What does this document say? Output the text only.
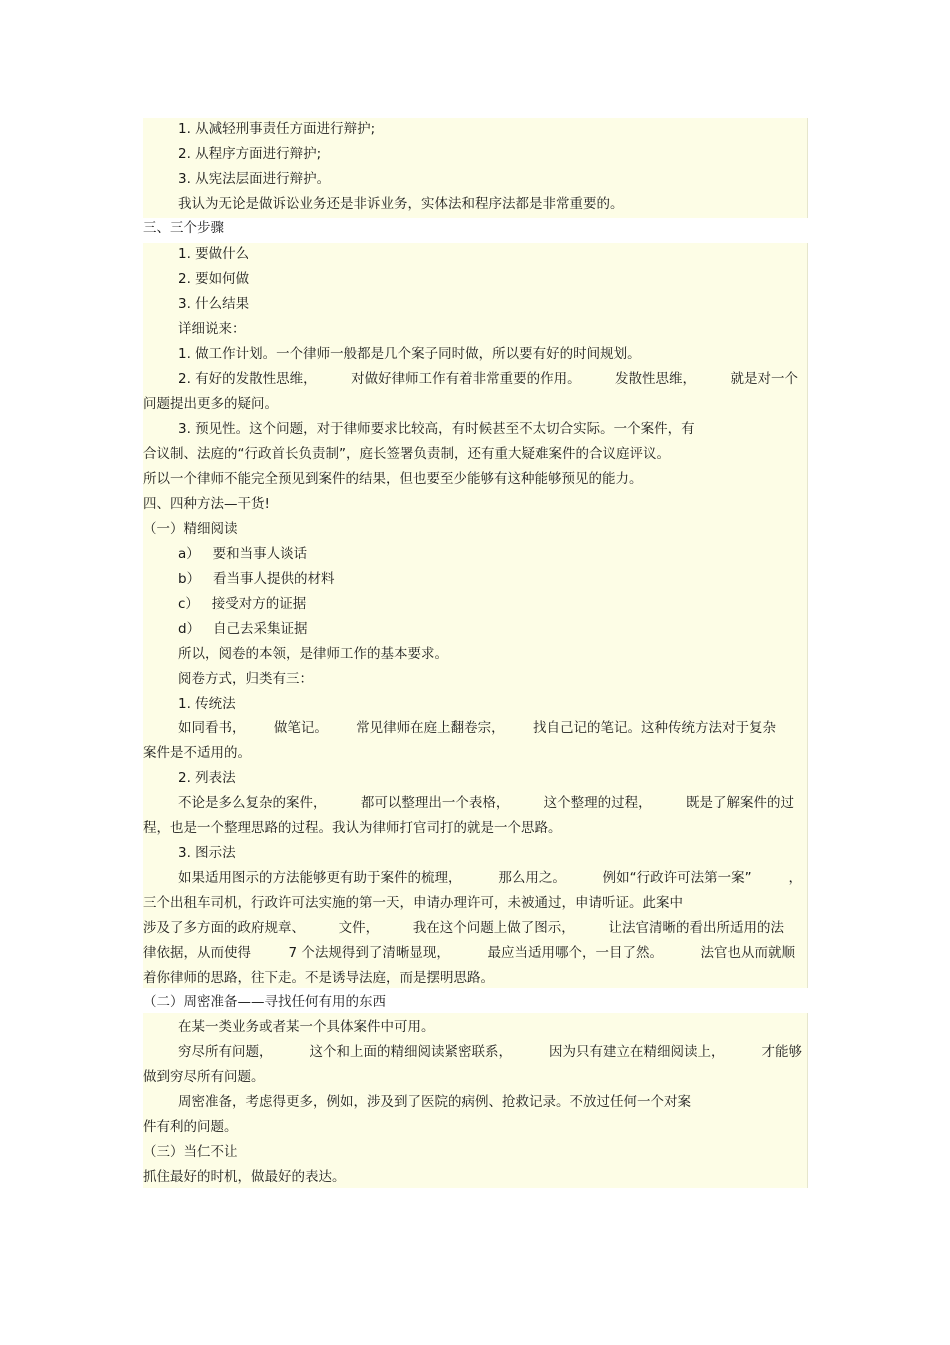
1. 从减轻刑事责任方面进行辩护;
2. 从程序方面进行辩护;
3. 从宪法层面进行辩护。
我认为无论是做诉讼业务还是非诉业务，实体法和程序法都是非常重要的。
三、三个步骤
1. 要做什么
2. 要如何做
3. 什么结果
详细说来：
1. 做工作计划。一个律师一般都是几个案子同时做，所以要有好的时间规划。
2. 有好的发散性思维，	对做好律师工作有着非常重要的作用。	发散性思维，	就是对一个
问题提出更多的疑问。
3. 预见性。这个问题，对于律师要求比较高，有时候甚至不太切合实际。一个案件，有
合议制、法庭的“行政首长负责制”，庭长签署负责制，还有重大疑难案件的合议庭评议。
所以一个律师不能完全预见到案件的结果，但也要至少能够有这种能够预见的能力。
四、四种方法—干货!
（一）精细阅读
a）   要和当事人谈话
b）   看当事人提供的材料
c）   接受对方的证据
d）   自己去采集证据
所以，阅卷的本领，是律师工作的基本要求。
阅卷方式，归类有三：
1. 传统法
如同看书， 做笔记。 常见律师在庭上翻卷宗， 找自己记的笔记。这种传统方法对于复杂
案件是不适用的。
2. 列表法
不论是多么复杂的案件，	都可以整理出一个表格，	这个整理的过程，	既是了解案件的过
程，也是一个整理思路的过程。我认为律师打官司打的就是一个思路。
3. 图示法
如果适用图示的方法能够更有助于案件的梳理，	那么用之。	例如“行政许可法第一案”	，
三个出租车司机，行政许可法实施的第一天，申请办理许可，未被通过，申请听证。此案中
涉及了多方面的政府规章、 文件， 我在这个问题上做了图示， 让法官清晰的看出所适用的法
律依据，从而使得	7 个法规得到了清晰显现，	最应当适用哪个，一目了然。	法官也从而就顺
着你律师的思路，往下走。不是诱导法庭，而是摆明思路。
（二）周密准备——寻找任何有用的东西
在某一类业务或者某一个具体案件中可用。
穷尽所有问题，	这个和上面的精细阅读紧密联系，	因为只有建立在精细阅读上，	才能够
做到穷尽所有问题。
周密准备，考虑得更多，例如，涉及到了医院的病例、抢救记录。不放过任何一个对案
件有利的问题。
（三）当仁不让
抓住最好的时机，做最好的表达。
